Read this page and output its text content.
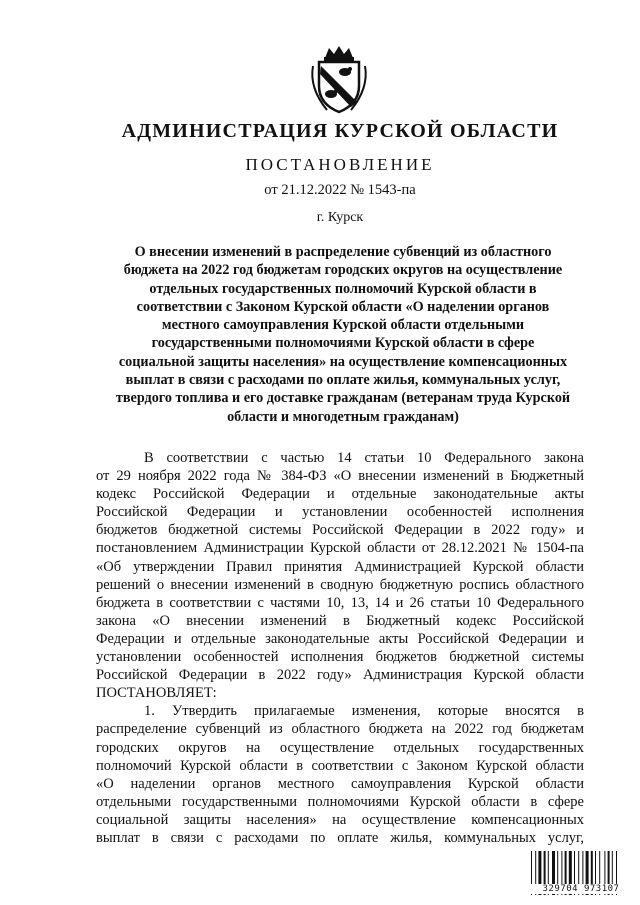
АДМИНИСТРАЦИЯ КУРСКОЙ ОБЛАСТИ
ПОСТАНОВЛЕНИЕ
от 21.12.2022 № 1543-па
г. Курск
О внесении изменений в распределение субвенций из областного
бюджета на 2022 год бюджетам городских округов на осуществление
отдельных государственных полномочий Курской области в
соответствии с Законом Курской области «О наделении органов
местного самоуправления Курской области отдельными
государственными полномочиями Курской области в сфере
социальной защиты населения» на осуществление компенсационных
выплат в связи с расходами по оплате жилья, коммунальных услуг,
твердого топлива и его доставке гражданам (ветеранам труда Курской
области и многодетным гражданам)
В соответствии с частью 14 статьи 10 Федерального закона
от 29 ноября 2022 года № 384-ФЗ «О внесении изменений в Бюджетный
кодекс Российской Федерации и отдельные законодательные акты
Российской Федерации и установлении особенностей исполнения
бюджетов бюджетной системы Российской Федерации в 2022 году» и
постановлением Администрации Курской области от 28.12.2021 № 1504-па
«Об утверждении Правил принятия Администрацией Курской области
решений о внесении изменений в сводную бюджетную роспись областного
бюджета в соответствии с частями 10, 13, 14 и 26 статьи 10 Федерального
закона «О внесении изменений в Бюджетный кодекс Российской
Федерации и отдельные законодательные акты Российской Федерации и
установлении особенностей исполнения бюджетов бюджетной системы
Российской Федерации в 2022 году» Администрация Курской области
ПОСТАНОВЛЯЕТ:
1. Утвердить прилагаемые изменения, которые вносятся в
распределение субвенций из областного бюджета на 2022 год бюджетам
городских округов на осуществление отдельных государственных
полномочий Курской области в соответствии с Законом Курской области
«О наделении органов местного самоуправления Курской области
отдельными государственными полномочиями Курской области в сфере
социальной защиты населения» на осуществление компенсационных
выплат в связи с расходами по оплате жилья, коммунальных услуг,
329704 973107
